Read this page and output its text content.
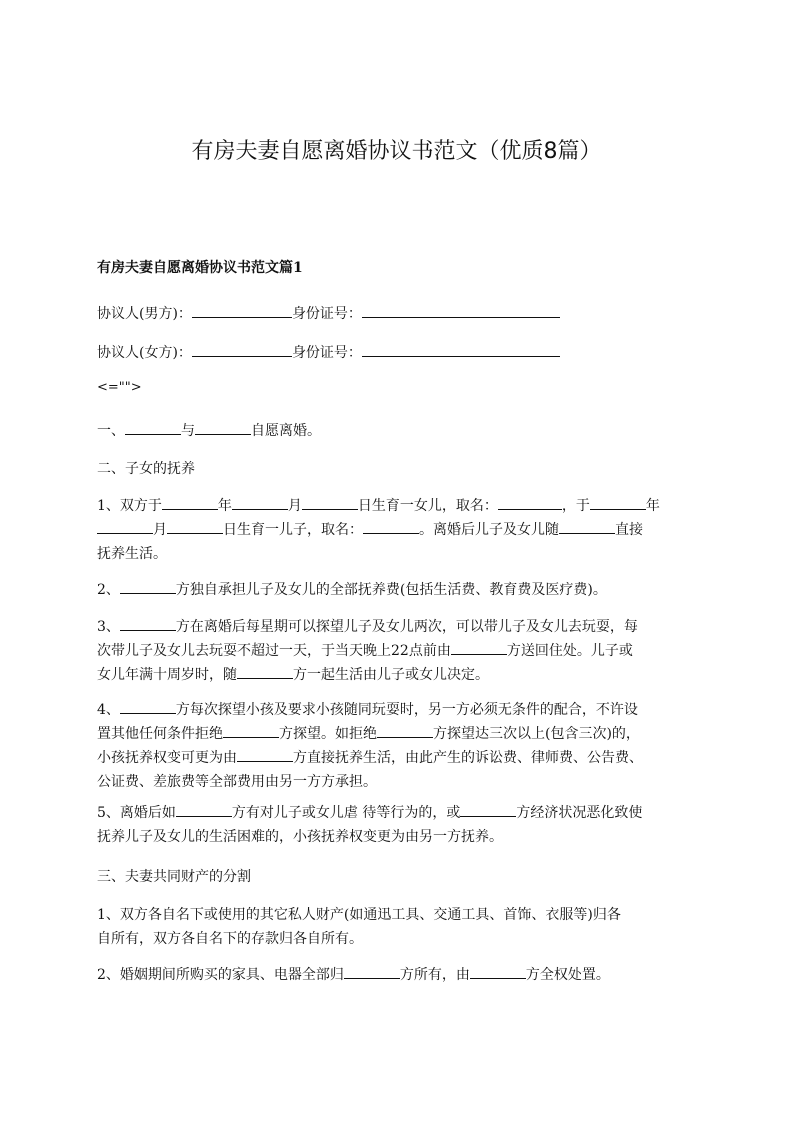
有房夫妻自愿离婚协议书范文（优质8篇）
有房夫妻自愿离婚协议书范文篇1
协议人(男方)：	身份证号：
协议人(女方)：	身份证号：
<="">
一、	与	自愿离婚。
二、子女的抚养
1、双方于	年	月	日生育一女儿，取名：	，于	年
月	日生育一儿子，取名：	。离婚后儿子及女儿随	直接
抚养生活。
2、	方独自承担儿子及女儿的全部抚养费(包括生活费、教育费及医疗费)。
3、	方在离婚后每星期可以探望儿子及女儿两次，可以带儿子及女儿去玩耍，每
次带儿子及女儿去玩耍不超过一天，于当天晚上22点前由	方送回住处。儿子或
女儿年满十周岁时，随	方一起生活由儿子或女儿决定。
4、	方每次探望小孩及要求小孩随同玩耍时，另一方必须无条件的配合，不许设
置其他任何条件拒绝	方探望。如拒绝	方探望达三次以上(包含三次)的，
小孩抚养权变可更为由	方直接抚养生活，由此产生的诉讼费、律师费、公告费、
公证费、差旅费等全部费用由另一方方承担。
5、离婚后如	方有对儿子或女儿虐 待等行为的，或	方经济状况恶化致使
抚养儿子及女儿的生活困难的，小孩抚养权变更为由另一方抚养。
三、夫妻共同财产的分割
1、双方各自名下或使用的其它私人财产(如通迅工具、交通工具、首饰、衣服等)归各
自所有，双方各自名下的存款归各自所有。
2、婚姻期间所购买的家具、电器全部归	方所有，由	方全权处置。
